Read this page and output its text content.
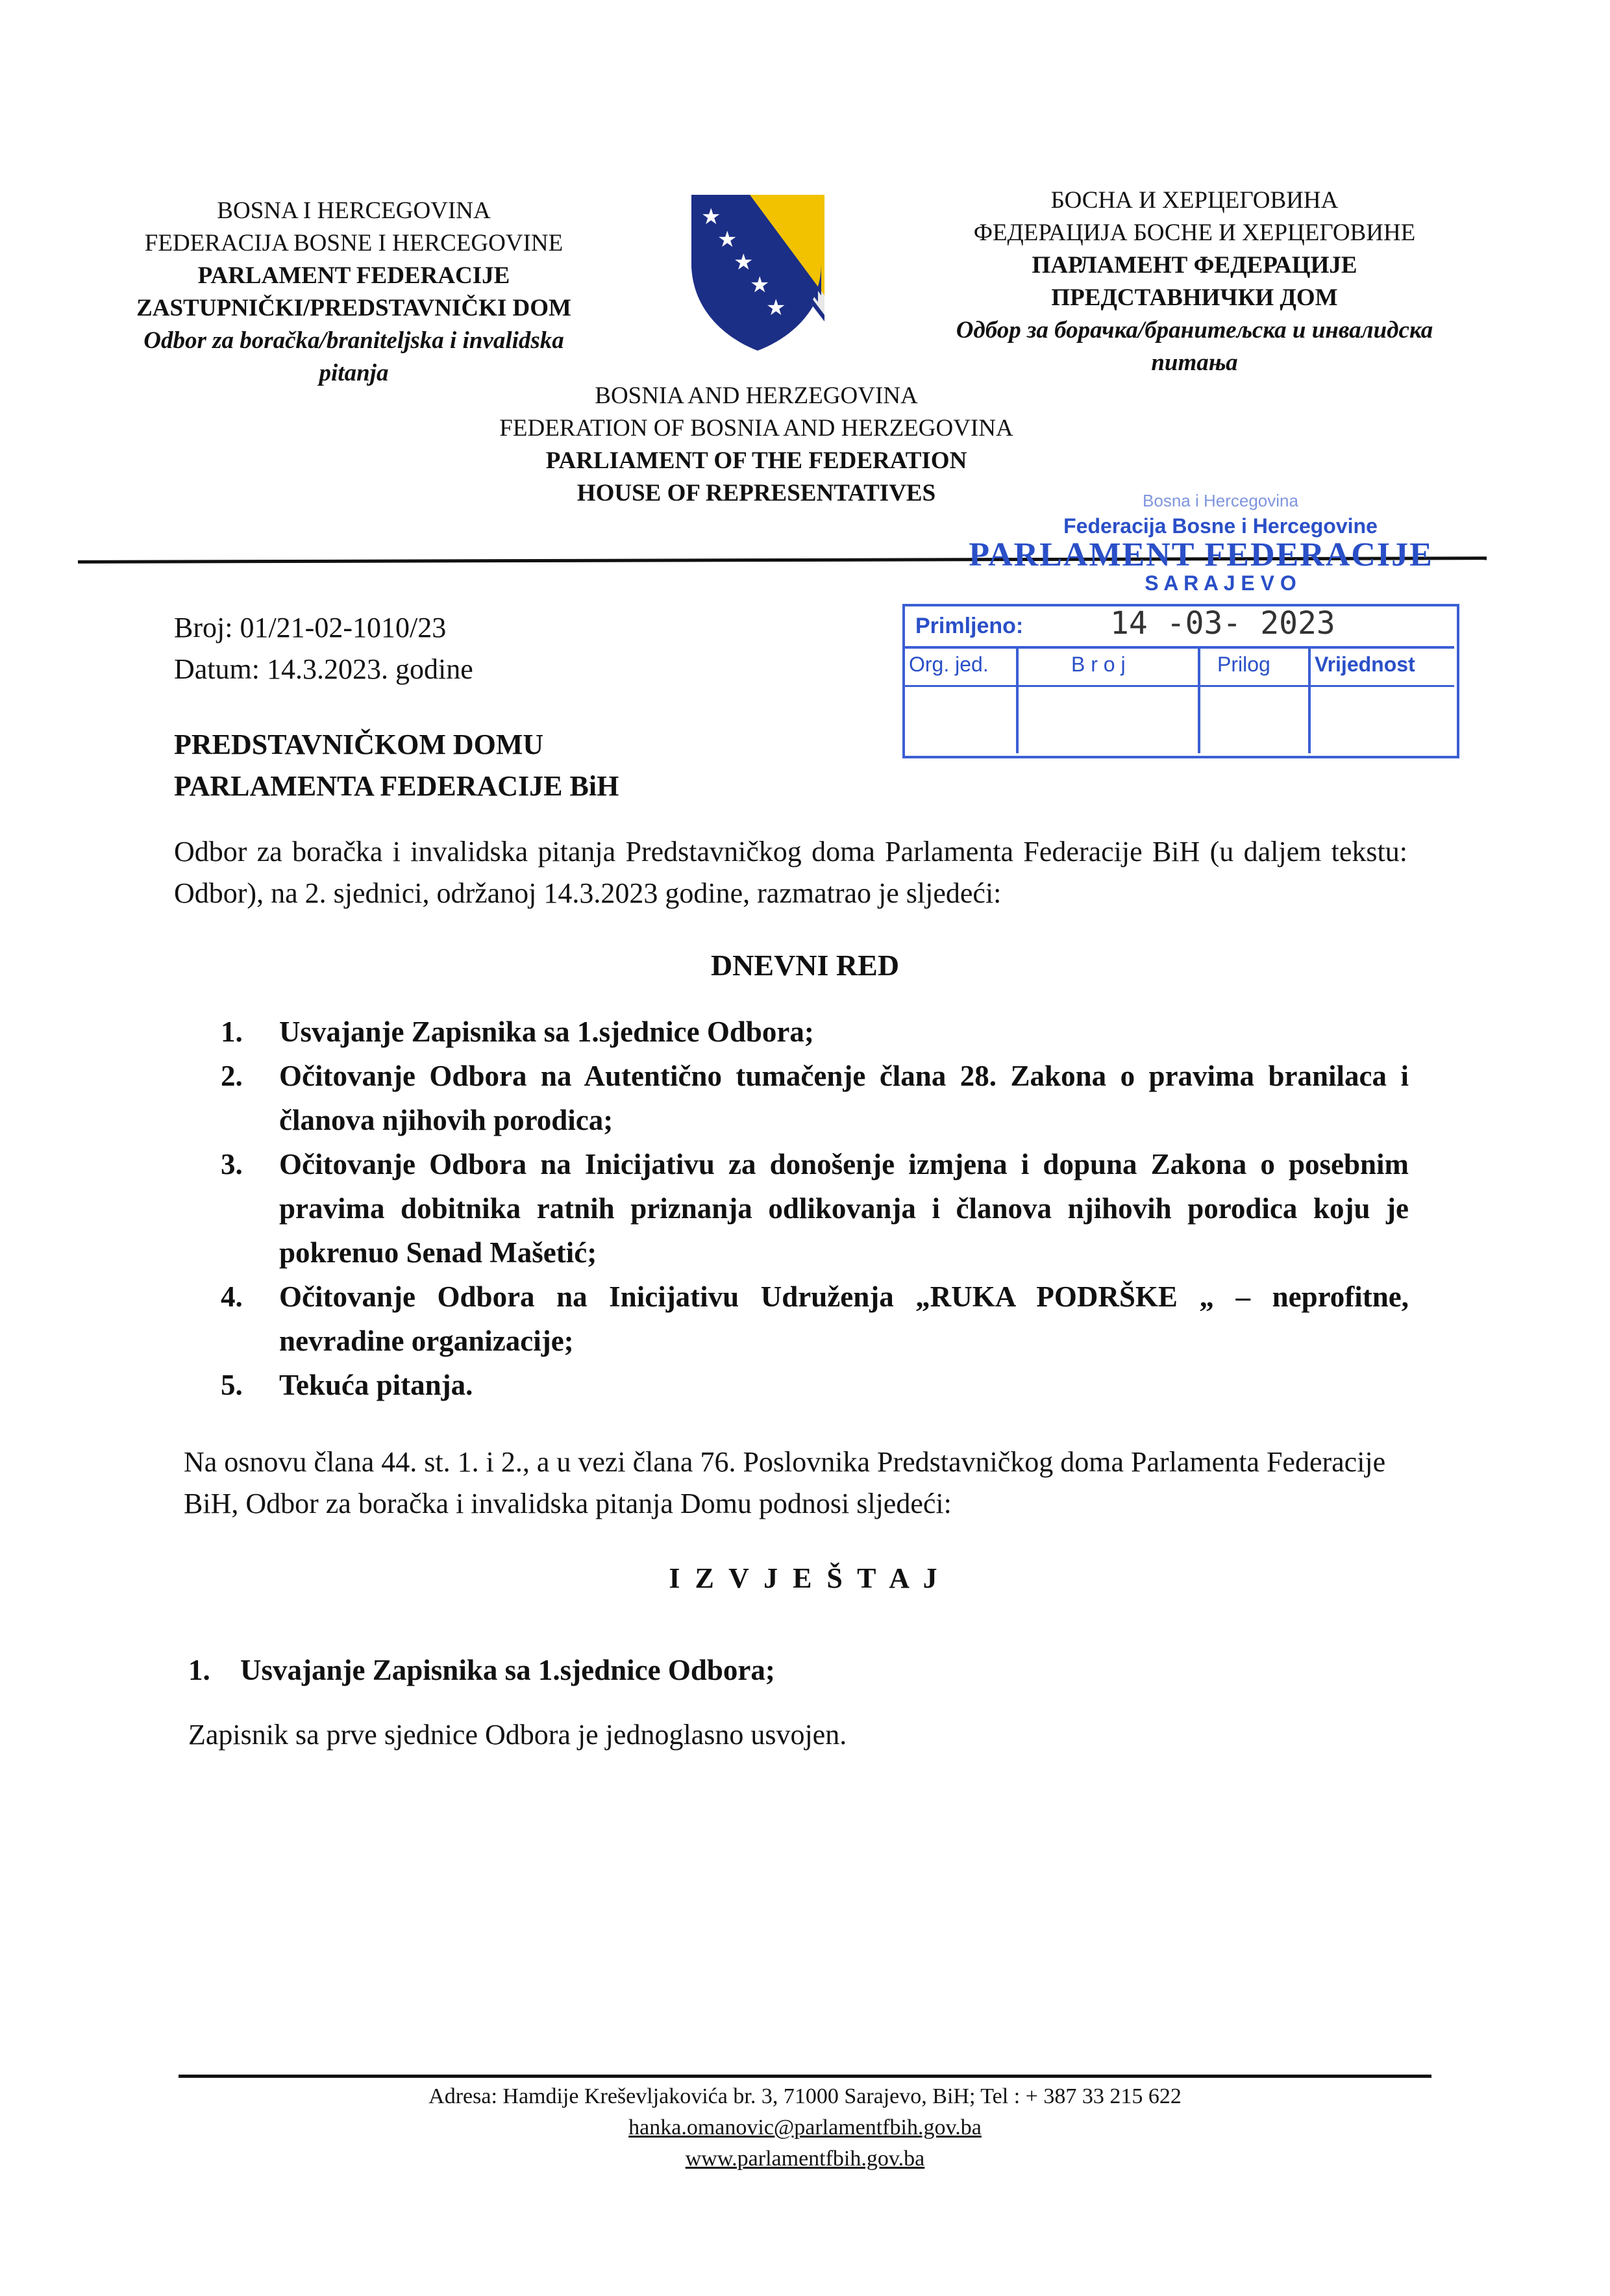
BOSNA I HERCEGOVINA
FEDERACIJA BOSNE I HERCEGOVINE
PARLAMENT FEDERACIJE
ZASTUPNIČKI/PREDSTAVNIČKI DOM
Odbor za boračka/braniteljska i invalidska
pitanja
★
★
★
★
★
БОСНА И ХЕРЦЕГОВИНА
ФЕДЕРАЦИЈА БОСНЕ И ХЕРЦЕГОВИНЕ
ПАРЛАМЕНТ ФЕДЕРАЦИЈЕ
ПРЕДСТАВНИЧКИ ДОМ
Одбор за борачка/бранитељска и инвалидска
питања
BOSNIA AND HERZEGOVINA
FEDERATION OF BOSNIA AND HERZEGOVINA
PARLIAMENT OF THE FEDERATION
HOUSE OF REPRESENTATIVES	Bosna i Hercegovina
Federacija Bosne i Hercegovine
PARLAMENT FEDERACIJE
S A R A J E V O
Primljeno:	14 -03- 2023
Org. jed.	B r o j	Prilog Vrijednost
Broj: 01/21-02-1010/23
Datum: 14.3.2023. godine
PREDSTAVNIČKOM DOMU
PARLAMENTA FEDERACIJE BiH
Odbor za boračka i invalidska pitanja Predstavničkog doma Parlamenta Federacije BiH (u daljem tekstu: Odbor), na 2. sjednici, održanoj 14.3.2023 godine, razmatrao je sljedeći:
DNEVNI RED
1. Usvajanje Zapisnika sa 1.sjednice Odbora;
2. Očitovanje Odbora na Autentično tumačenje člana 28. Zakona o pravima branilaca i članova njihovih porodica;
3. Očitovanje Odbora na Inicijativu za donošenje izmjena i dopuna Zakona o posebnim pravima dobitnika ratnih priznanja odlikovanja i članova njihovih porodica koju je pokrenuo Senad Mašetić;
4. Očitovanje Odbora na Inicijativu Udruženja „RUKA PODRŠKE „ – neprofitne, nevradine organizacije;
5. Tekuća pitanja.
Na osnovu člana 44. st. 1. i 2., a u vezi člana 76. Poslovnika Predstavničkog doma Parlamenta Federacije BiH, Odbor za boračka i invalidska pitanja Domu podnosi sljedeći:
I Z V J E Š T A J
1. Usvajanje Zapisnika sa 1.sjednice Odbora;
Zapisnik sa prve sjednice Odbora je jednoglasno usvojen.
Adresa: Hamdije Kreševljakovića br. 3, 71000 Sarajevo, BiH; Tel : + 387 33 215 622
hanka.omanovic@parlamentfbih.gov.ba
www.parlamentfbih.gov.ba
